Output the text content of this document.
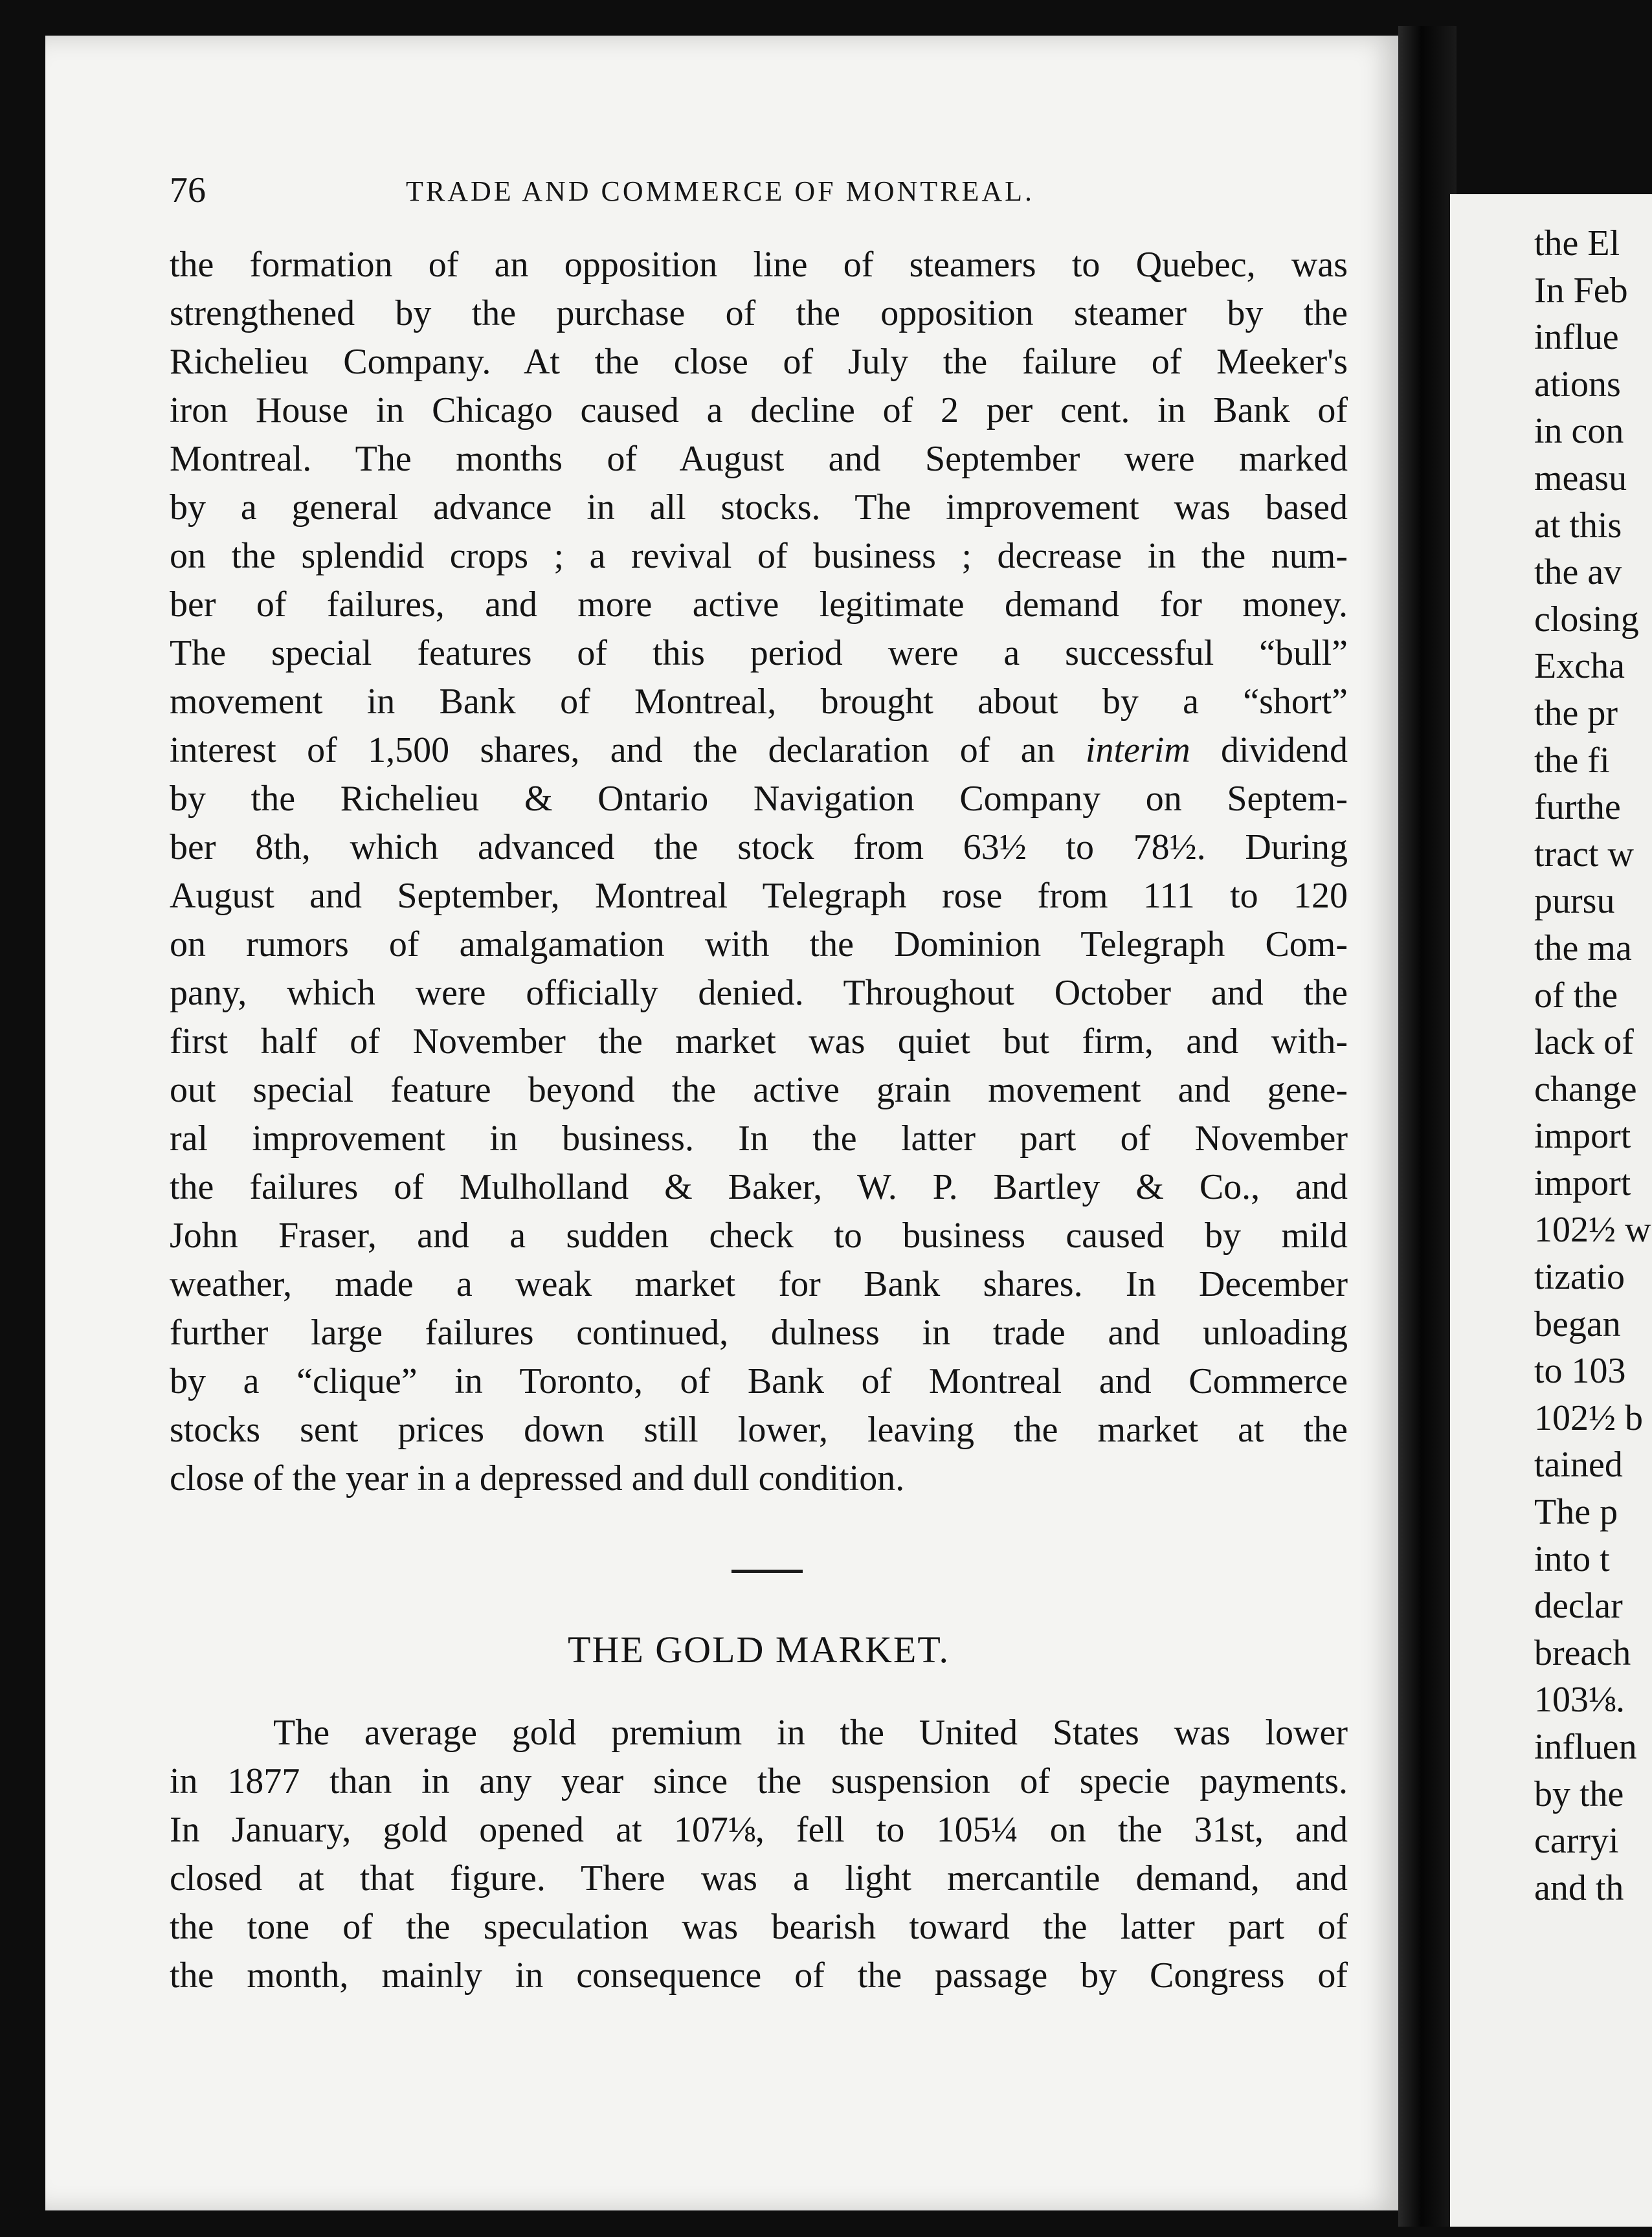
the El
In Feb
influe
ations
in con
measu
at this
the av
closing
Excha
the pr
the fi
furthe
tract w
pursu
the ma
of the
lack of
change
import
import
102½ w
tizatio
began
to 103
102½ b
tained
The p
into t
declar
breach
103⅛.
influen
by the
carryi
and th
76	TRADE AND COMMERCE OF MONTREAL.
the formation of an opposition line of steamers to Quebec, was
strengthened by the purchase of the opposition steamer by the
Richelieu Company. At the close of July the failure of Meeker's
iron House in Chicago caused a decline of 2 per cent. in Bank of
Montreal. The months of August and September were marked
by a general advance in all stocks. The improvement was based
on the splendid crops ; a revival of business ; decrease in the num-
ber of failures, and more active legitimate demand for money.
The special features of this period were a successful “bull”
movement in Bank of Montreal, brought about by a “short”
interest of 1,500 shares, and the declaration of an interim dividend
by the Richelieu & Ontario Navigation Company on Septem-
ber 8th, which advanced the stock from 63½ to 78½. During
August and September, Montreal Telegraph rose from 111 to 120
on rumors of amalgamation with the Dominion Telegraph Com-
pany, which were officially denied. Throughout October and the
first half of November the market was quiet but firm, and with-
out special feature beyond the active grain movement and gene-
ral improvement in business. In the latter part of November
the failures of Mulholland & Baker, W. P. Bartley & Co., and
John Fraser, and a sudden check to business caused by mild
weather, made a weak market for Bank shares. In December
further large failures continued, dulness in trade and unloading
by a “clique” in Toronto, of Bank of Montreal and Commerce
stocks sent prices down still lower, leaving the market at the
close of the year in a depressed and dull condition.
THE GOLD MARKET.
The average gold premium in the United States was lower
in 1877 than in any year since the suspension of specie payments.
In January, gold opened at 107⅛, fell to 105¼ on the 31st, and
closed at that figure. There was a light mercantile demand, and
the tone of the speculation was bearish toward the latter part of
the month, mainly in consequence of the passage by Congress of
